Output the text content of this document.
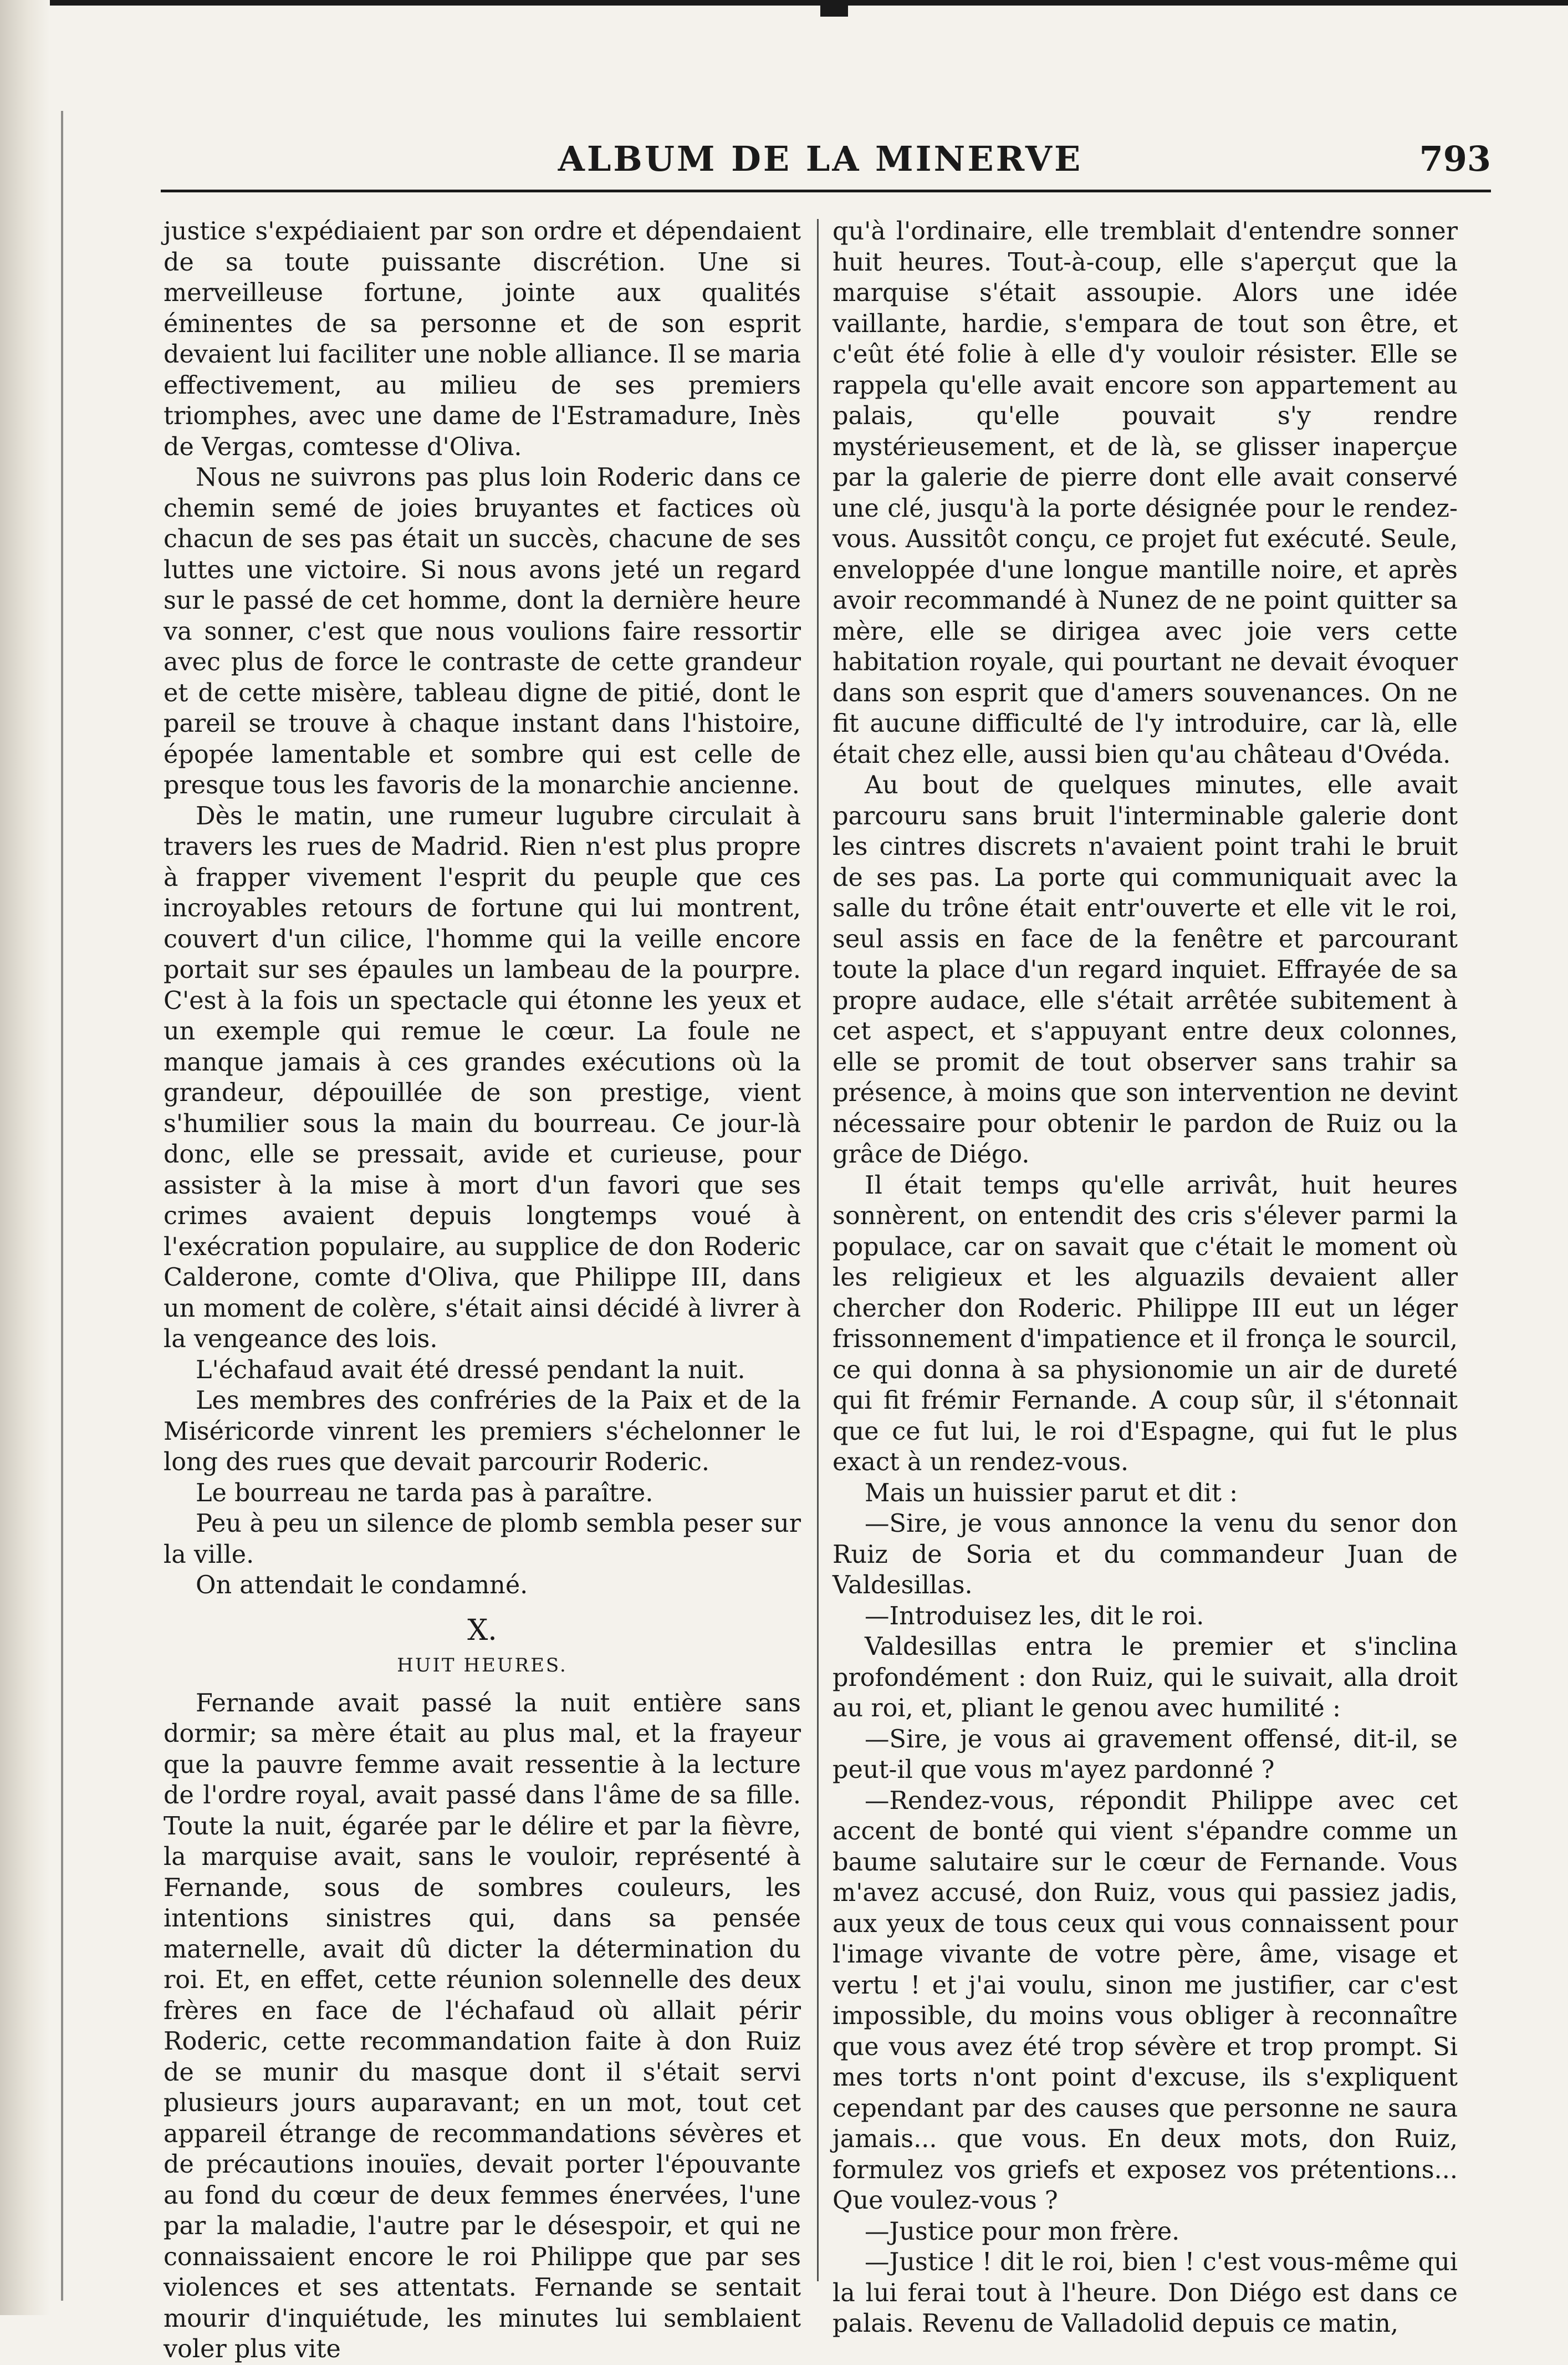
ALBUM DE LA MINERVE	793

justice s'expédiaient par son ordre et dépendaient de sa toute puissante discrétion. Une si merveilleuse fortune, jointe aux qualités éminentes de sa personne et de son esprit devaient lui faciliter une noble alliance. Il se maria effectivement, au milieu de ses premiers triomphes, avec une dame de l'Estramadure, Inès de Vergas, comtesse d'Oliva.

Nous ne suivrons pas plus loin Roderic dans ce chemin semé de joies bruyantes et factices où chacun de ses pas était un succès, chacune de ses luttes une victoire. Si nous avons jeté un regard sur le passé de cet homme, dont la dernière heure va sonner, c'est que nous voulions faire ressortir avec plus de force le contraste de cette grandeur et de cette misère, tableau digne de pitié, dont le pareil se trouve à chaque instant dans l'histoire, épopée lamentable et sombre qui est celle de presque tous les favoris de la monarchie ancienne.

Dès le matin, une rumeur lugubre circulait à travers les rues de Madrid. Rien n'est plus propre à frapper vivement l'esprit du peuple que ces incroyables retours de fortune qui lui montrent, couvert d'un cilice, l'homme qui la veille encore portait sur ses épaules un lambeau de la pourpre. C'est à la fois un spectacle qui étonne les yeux et un exemple qui remue le cœur. La foule ne manque jamais à ces grandes exécutions où la grandeur, dépouillée de son prestige, vient s'humilier sous la main du bourreau. Ce jour-là donc, elle se pressait, avide et curieuse, pour assister à la mise à mort d'un favori que ses crimes avaient depuis longtemps voué à l'exécration populaire, au supplice de don Roderic Calderone, comte d'Oliva, que Philippe III, dans un moment de colère, s'était ainsi décidé à livrer à la vengeance des lois.

L'échafaud avait été dressé pendant la nuit.

Les membres des confréries de la Paix et de la Miséricorde vinrent les premiers s'échelonner le long des rues que devait parcourir Roderic.

Le bourreau ne tarda pas à paraître.

Peu à peu un silence de plomb sembla peser sur la ville.

On attendait le condamné.

X.
HUIT HEURES.

Fernande avait passé la nuit entière sans dormir; sa mère était au plus mal, et la frayeur que la pauvre femme avait ressentie à la lecture de l'ordre royal, avait passé dans l'âme de sa fille. Toute la nuit, égarée par le délire et par la fièvre, la marquise avait, sans le vouloir, représenté à Fernande, sous de sombres couleurs, les intentions sinistres qui, dans sa pensée maternelle, avait dû dicter la détermination du roi. Et, en effet, cette réunion solennelle des deux frères en face de l'échafaud où allait périr Roderic, cette recommandation faite à don Ruiz de se munir du masque dont il s'était servi plusieurs jours auparavant; en un mot, tout cet appareil étrange de recommandations sévères et de précautions inouïes, devait porter l'épouvante au fond du cœur de deux femmes énervées, l'une par la maladie, l'autre par le désespoir, et qui ne connaissaient encore le roi Philippe que par ses violences et ses attentats. Fernande se sentait mourir d'inquiétude, les minutes lui semblaient voler plus vite

qu'à l'ordinaire, elle tremblait d'entendre sonner huit heures. Tout-à-coup, elle s'aperçut que la marquise s'était assoupie. Alors une idée vaillante, hardie, s'empara de tout son être, et c'eût été folie à elle d'y vouloir résister. Elle se rappela qu'elle avait encore son appartement au palais, qu'elle pouvait s'y rendre mystérieusement, et de là, se glisser inaperçue par la galerie de pierre dont elle avait conservé une clé, jusqu'à la porte désignée pour le rendez-vous. Aussitôt conçu, ce projet fut exécuté. Seule, enveloppée d'une longue mantille noire, et après avoir recommandé à Nunez de ne point quitter sa mère, elle se dirigea avec joie vers cette habitation royale, qui pourtant ne devait évoquer dans son esprit que d'amers souvenances. On ne fit aucune difficulté de l'y introduire, car là, elle était chez elle, aussi bien qu'au château d'Ovéda.

Au bout de quelques minutes, elle avait parcouru sans bruit l'interminable galerie dont les cintres discrets n'avaient point trahi le bruit de ses pas. La porte qui communiquait avec la salle du trône était entr'ouverte et elle vit le roi, seul assis en face de la fenêtre et parcourant toute la place d'un regard inquiet. Effrayée de sa propre audace, elle s'était arrêtée subitement à cet aspect, et s'appuyant entre deux colonnes, elle se promit de tout observer sans trahir sa présence, à moins que son intervention ne devint nécessaire pour obtenir le pardon de Ruiz ou la grâce de Diégo.

Il était temps qu'elle arrivât, huit heures sonnèrent, on entendit des cris s'élever parmi la populace, car on savait que c'était le moment où les religieux et les alguazils devaient aller chercher don Roderic. Philippe III eut un léger frissonnement d'impatience et il fronça le sourcil, ce qui donna à sa physionomie un air de dureté qui fit frémir Fernande. A coup sûr, il s'étonnait que ce fut lui, le roi d'Espagne, qui fut le plus exact à un rendez-vous.

Mais un huissier parut et dit :

—Sire, je vous annonce la venu du senor don Ruiz de Soria et du commandeur Juan de Valdesillas.

—Introduisez les, dit le roi.

Valdesillas entra le premier et s'inclina profondément : don Ruiz, qui le suivait, alla droit au roi, et, pliant le genou avec humilité :

—Sire, je vous ai gravement offensé, dit-il, se peut-il que vous m'ayez pardonné ?

—Rendez-vous, répondit Philippe avec cet accent de bonté qui vient s'épandre comme un baume salutaire sur le cœur de Fernande. Vous m'avez accusé, don Ruiz, vous qui passiez jadis, aux yeux de tous ceux qui vous connaissent pour l'image vivante de votre père, âme, visage et vertu ! et j'ai voulu, sinon me justifier, car c'est impossible, du moins vous obliger à reconnaître que vous avez été trop sévère et trop prompt. Si mes torts n'ont point d'excuse, ils s'expliquent cependant par des causes que personne ne saura jamais... que vous. En deux mots, don Ruiz, formulez vos griefs et exposez vos prétentions... Que voulez-vous ?

—Justice pour mon frère.

—Justice ! dit le roi, bien ! c'est vous-même qui la lui ferai tout à l'heure. Don Diégo est dans ce palais. Revenu de Valladolid depuis ce matin,
